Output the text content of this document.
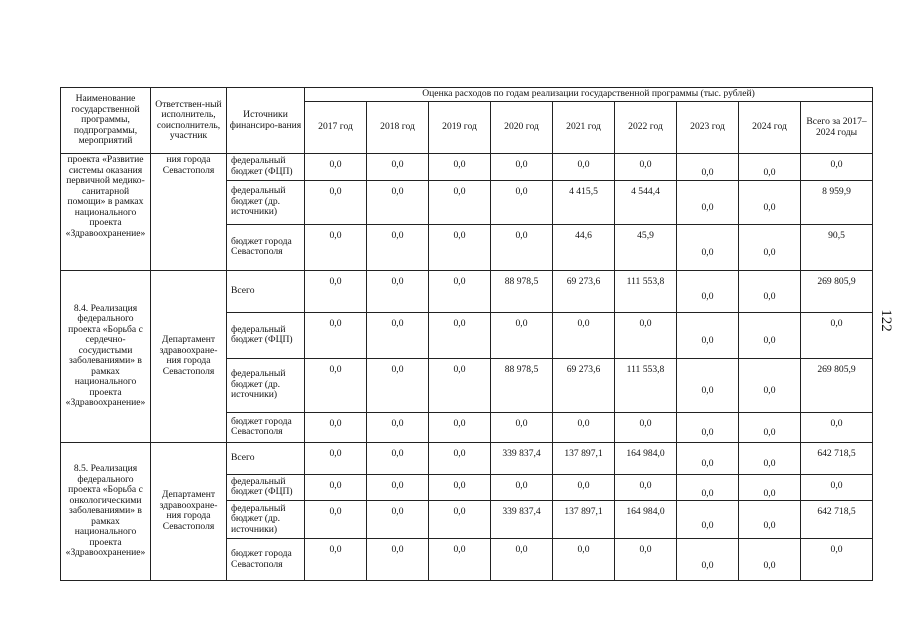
Наименование государственной программы, подпрограммы, мероприятий	Ответствен-ный исполнитель, соисполнитель, участник	Источники финансиро-вания	Оценка расходов по годам реализации государственной программы (тыс. рублей)								
			2017 год	2018 год	2019 год	2020 год	2021 год	2022 год	2023 год	2024 год	Всего за 2017–2024 годы
проекта «Развитие системы оказания первичной медико-санитарной помощи» в рамках национального проекта «Здравоохранение»	ния города Севастополя	федеральный бюджет (ФЦП)	0,0	0,0	0,0	0,0	0,0	0,0	0,0	0,0	0,0
		федеральный бюджет (др. источники)	0,0	0,0	0,0	0,0	4 415,5	4 544,4	0,0	0,0	8 959,9
		бюджет города Севастополя	0,0	0,0	0,0	0,0	44,6	45,9	0,0	0,0	90,5
8.4. Реализация федерального проекта «Борьба с сердечно-сосудистыми заболеваниями» в рамках национального проекта «Здравоохранение»	Департамент здравоохране-ния города Севастополя	Всего	0,0	0,0	0,0	88 978,5	69 273,6	111 553,8	0,0	0,0	269 805,9
		федеральный бюджет (ФЦП)	0,0	0,0	0,0	0,0	0,0	0,0	0,0	0,0	0,0
		федеральный бюджет (др. источники)	0,0	0,0	0,0	88 978,5	69 273,6	111 553,8	0,0	0,0	269 805,9
		бюджет города Севастополя	0,0	0,0	0,0	0,0	0,0	0,0	0,0	0,0	0,0
8.5. Реализация федерального проекта «Борьба с онкологическими заболеваниями» в рамках национального проекта «Здравоохранение»	Департамент здравоохране-ния города Севастополя	Всего	0,0	0,0	0,0	339 837,4	137 897,1	164 984,0	0,0	0,0	642 718,5
		федеральный бюджет (ФЦП)	0,0	0,0	0,0	0,0	0,0	0,0	0,0	0,0	0,0
		федеральный бюджет (др. источники)	0,0	0,0	0,0	339 837,4	137 897,1	164 984,0	0,0	0,0	642 718,5
		бюджет города Севастополя	0,0	0,0	0,0	0,0	0,0	0,0	0,0	0,0	0,0
122
